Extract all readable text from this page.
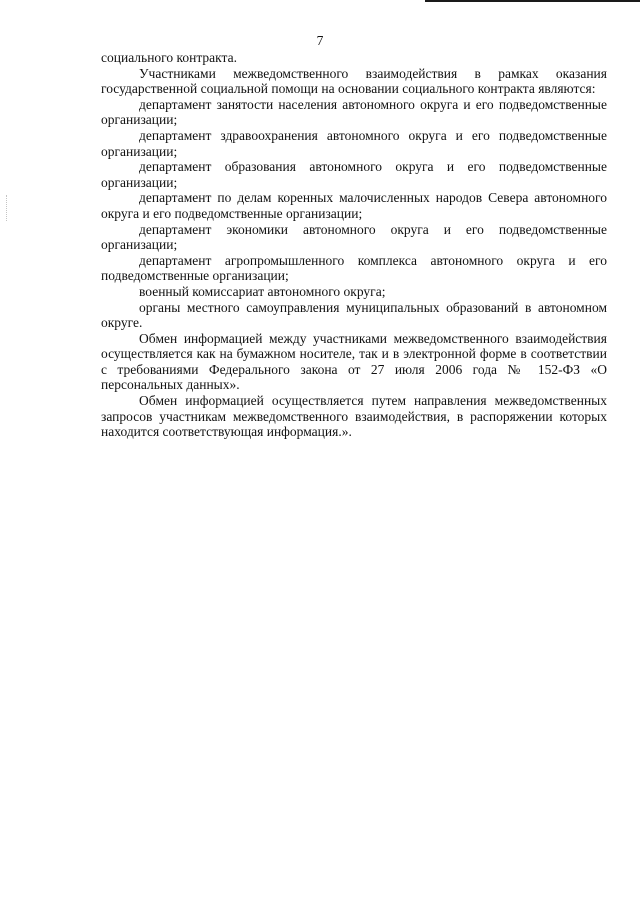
7

социального контракта.

Участниками межведомственного взаимодействия в рамках оказания государственной социальной помощи на основании социального контракта являются:

департамент занятости населения автономного округа и его подведомственные организации;

департамент здравоохранения автономного округа и его подведомственные организации;

департамент образования автономного округа и его подведомственные организации;

департамент по делам коренных малочисленных народов Севера автономного округа и его подведомственные организации;

департамент экономики автономного округа и его подведомственные организации;

департамент агропромышленного комплекса автономного округа и его подведомственные организации;

военный комиссариат автономного округа;

органы местного самоуправления муниципальных образований в автономном округе.

Обмен информацией между участниками межведомственного взаимодействия осуществляется как на бумажном носителе, так и в электронной форме в соответствии с требованиями Федерального закона от 27 июля 2006 года № 152-ФЗ «О персональных данных».

Обмен информацией осуществляется путем направления межведомственных запросов участникам межведомственного взаимодействия, в распоряжении которых находится соответствующая информация.».
